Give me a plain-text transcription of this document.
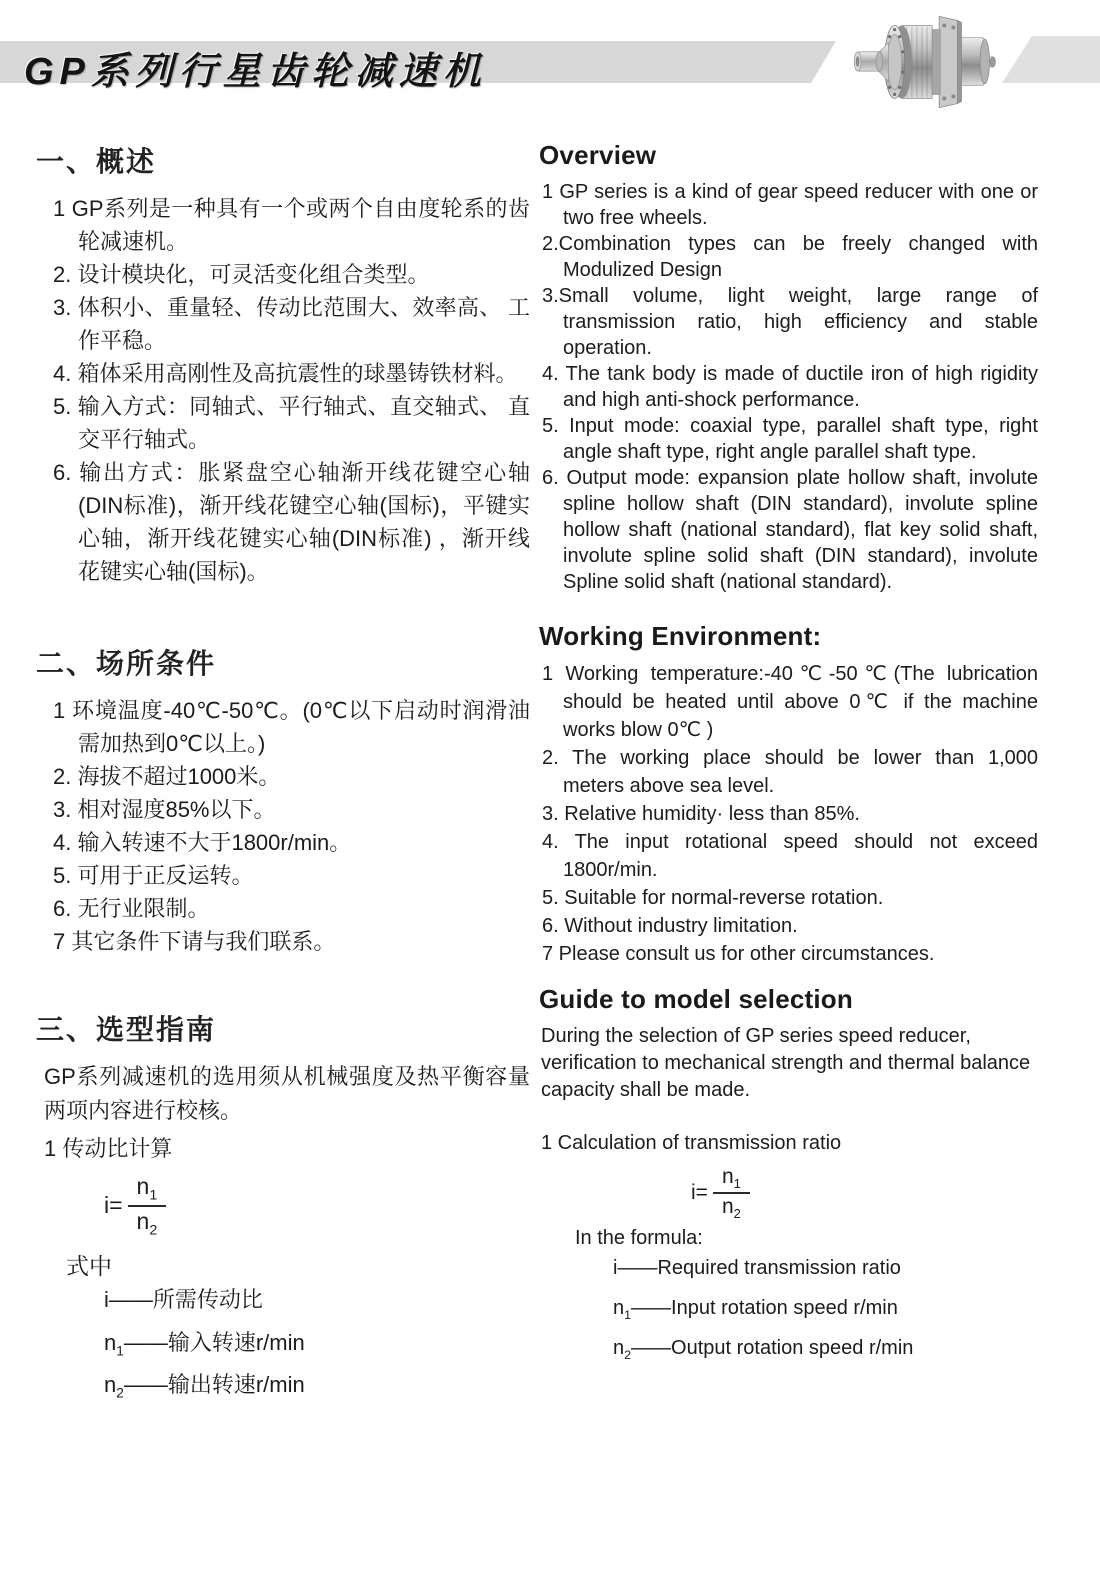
GP系列行星齿轮减速机
一、概述
1 GP系列是一种具有一个或两个自由度轮系的齿轮减速机。
2. 设计模块化，可灵活变化组合类型。
3. 体积小、重量轻、传动比范围大、效率高、 工作平稳。
4. 箱体采用高刚性及高抗震性的球墨铸铁材料。
5. 输入方式：同轴式、平行轴式、直交轴式、 直交平行轴式。
6. 输出方式：胀紧盘空心轴渐开线花键空心轴(DIN标准)，渐开线花键空心轴(国标)，平键实心轴，渐开线花键实心轴(DIN标准) ，渐开线花键实心轴(国标)。
二、场所条件
1 环境温度-40℃-50℃。(0℃以下启动时润滑油需加热到0℃以上。)
2. 海拔不超过1000米。
3. 相对湿度85%以下。
4. 输入转速不大于1800r/min。
5. 可用于正反运转。
6. 无行业限制。
7 其它条件下请与我们联系。
三、选型指南
GP系列减速机的选用须从机械强度及热平衡容量两项内容进行校核。
1 传动比计算
$i= \frac{n_1}{n_2}$
式中
i——所需传动比
$n_1——$输入转速r/min
$n_2——$输出转速r/min
Overview
1 GP series is a kind of gear speed reducer with one or two free wheels.
2.Combination types can be freely changed with Modulized Design
3.Small volume, light weight, large range of transmission ratio, high efficiency and stable operation.
4. The tank body is made of ductile iron of high rigidity and high anti-shock performance.
5. Input mode: coaxial type, parallel shaft type, right angle shaft type, right angle parallel shaft type.
6. Output mode: expansion plate hollow shaft, involute spline hollow shaft (DIN standard), involute spline hollow shaft (national standard), flat key solid shaft, involute spline solid shaft (DIN standard), involute Spline solid shaft (national standard).
Working Environment:
1 Working temperature:-40℃-50℃(The lubrication should be heated until above 0℃ if the machine works blow 0℃ )
2. The working place should be lower than 1,000 meters above sea level.
3. Relative humidity· less than 85%.
4. The input rotational speed should not exceed 1800r/min.
5. Suitable for normal-reverse rotation.
6. Without industry limitation.
7 Please consult us for other circumstances.
Guide to model selection
During the selection of GP series speed reducer, verification to mechanical strength and thermal balance capacity shall be made.
1 Calculation of transmission ratio
$i= \frac{n_1}{n_2}$
In the formula:
i——Required transmission ratio
$n_1——Input$ rotation speed r/min
$n_2——Output$ rotation speed r/min
